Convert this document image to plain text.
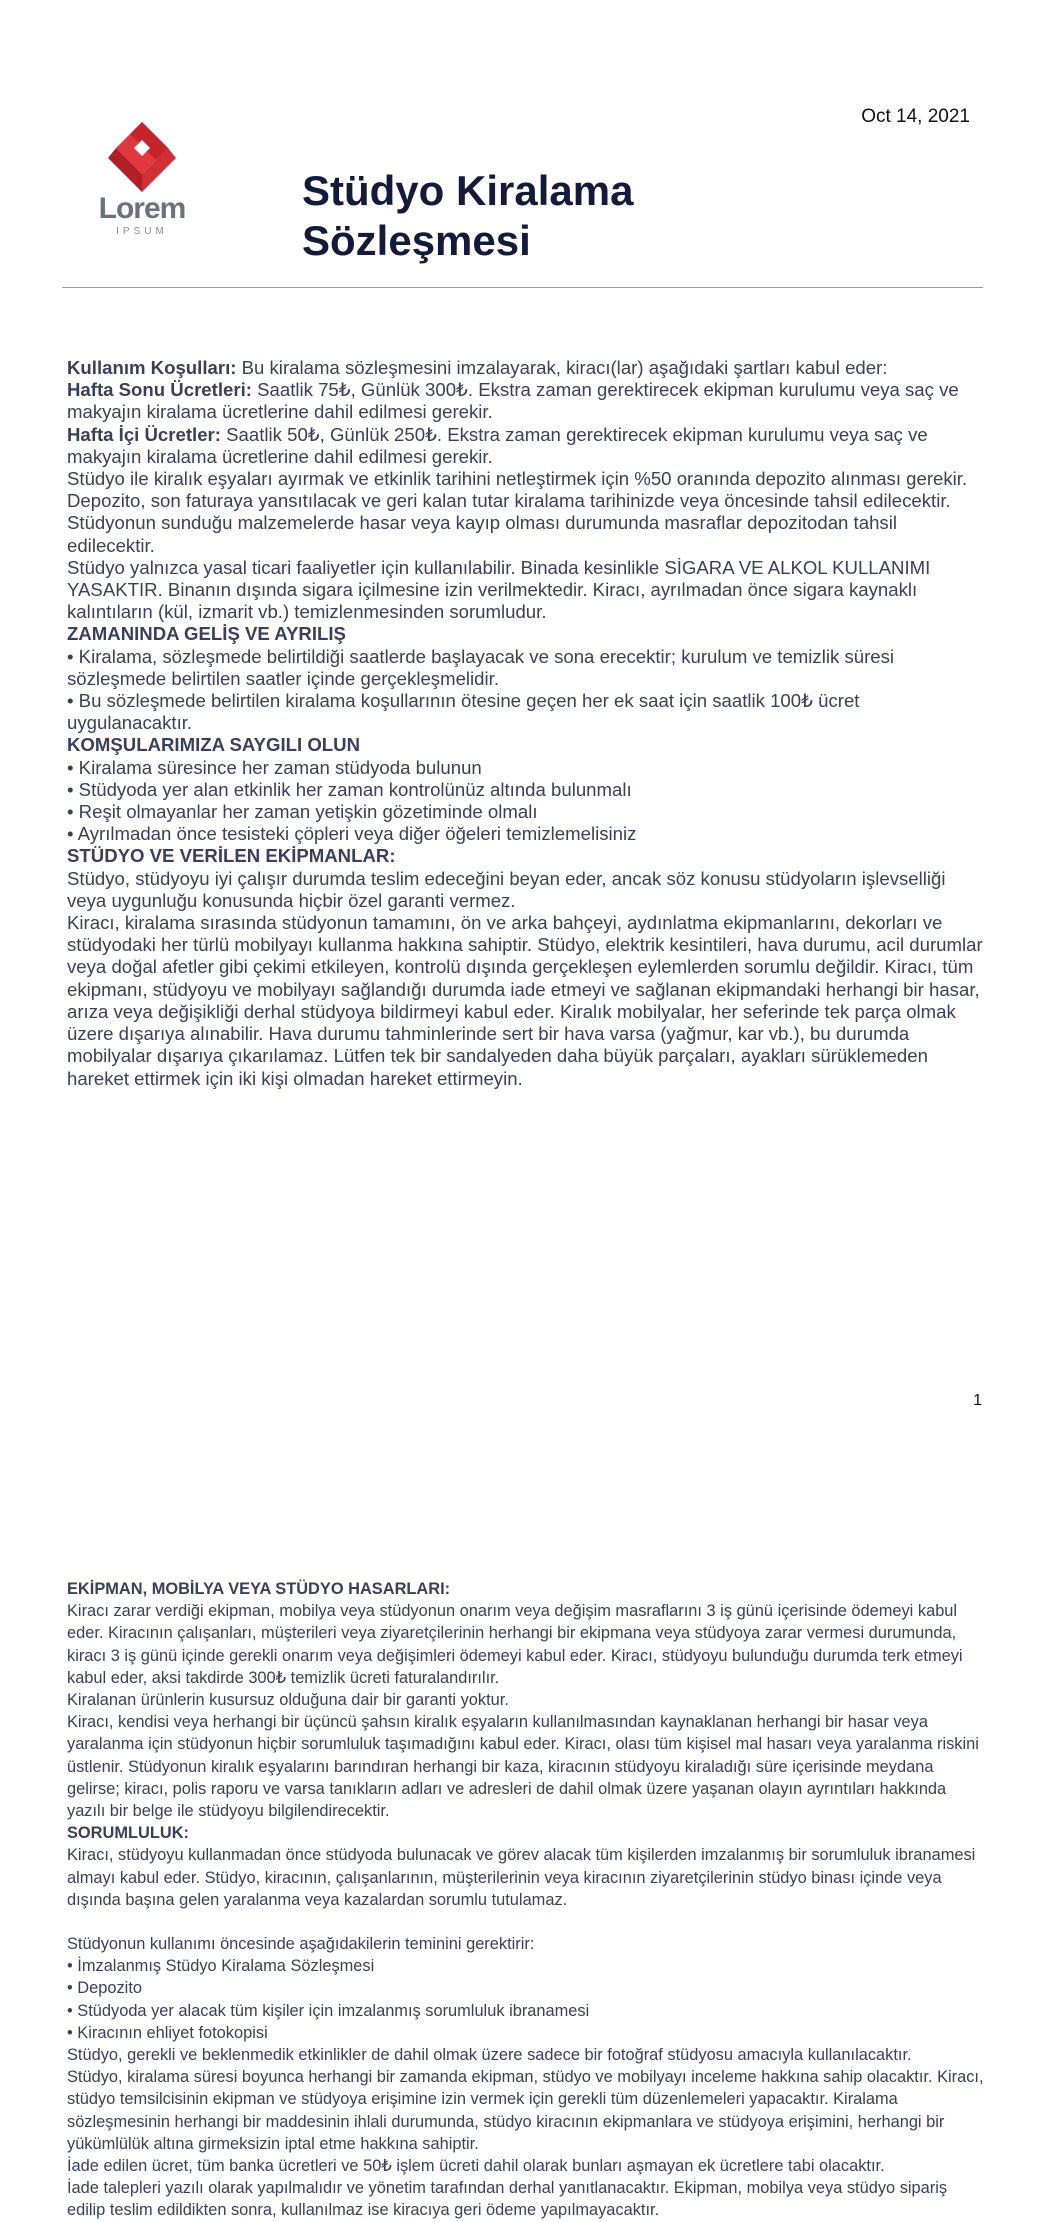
Oct 14, 2021
Lorem
IPSUM
Stüdyo Kiralama Sözleşmesi

Kullanım Koşulları: Bu kiralama sözleşmesini imzalayarak, kiracı(lar) aşağıdaki şartları kabul eder:

Hafta Sonu Ücretleri: Saatlik 75₺, Günlük 300₺. Ekstra zaman gerektirecek ekipman kurulumu veya saç ve makyajın kiralama ücretlerine dahil edilmesi gerekir.

Hafta İçi Ücretler: Saatlik 50₺, Günlük 250₺. Ekstra zaman gerektirecek ekipman kurulumu veya saç ve makyajın kiralama ücretlerine dahil edilmesi gerekir.

Stüdyo ile kiralık eşyaları ayırmak ve etkinlik tarihini netleştirmek için %50 oranında depozito alınması gerekir. Depozito, son faturaya yansıtılacak ve geri kalan tutar kiralama tarihinizde veya öncesinde tahsil edilecektir. Stüdyonun sunduğu malzemelerde hasar veya kayıp olması durumunda masraflar depozitodan tahsil edilecektir.

Stüdyo yalnızca yasal ticari faaliyetler için kullanılabilir. Binada kesinlikle SİGARA VE ALKOL KULLANIMI YASAKTIR. Binanın dışında sigara içilmesine izin verilmektedir. Kiracı, ayrılmadan önce sigara kaynaklı kalıntıların (kül, izmarit vb.) temizlenmesinden sorumludur.

ZAMANINDA GELİŞ VE AYRILIŞ

• Kiralama, sözleşmede belirtildiği saatlerde başlayacak ve sona erecektir; kurulum ve temizlik süresi sözleşmede belirtilen saatler içinde gerçekleşmelidir.

• Bu sözleşmede belirtilen kiralama koşullarının ötesine geçen her ek saat için saatlik 100₺ ücret uygulanacaktır.

KOMŞULARIMIZA SAYGILI OLUN

• Kiralama süresince her zaman stüdyoda bulunun

• Stüdyoda yer alan etkinlik her zaman kontrolünüz altında bulunmalı

• Reşit olmayanlar her zaman yetişkin gözetiminde olmalı

• Ayrılmadan önce tesisteki çöpleri veya diğer öğeleri temizlemelisiniz

STÜDYO VE VERİLEN EKİPMANLAR:

Stüdyo, stüdyoyu iyi çalışır durumda teslim edeceğini beyan eder, ancak söz konusu stüdyoların işlevselliği veya uygunluğu konusunda hiçbir özel garanti vermez.

Kiracı, kiralama sırasında stüdyonun tamamını, ön ve arka bahçeyi, aydınlatma ekipmanlarını, dekorları ve stüdyodaki her türlü mobilyayı kullanma hakkına sahiptir. Stüdyo, elektrik kesintileri, hava durumu, acil durumlar veya doğal afetler gibi çekimi etkileyen, kontrolü dışında gerçekleşen eylemlerden sorumlu değildir. Kiracı, tüm ekipmanı, stüdyoyu ve mobilyayı sağlandığı durumda iade etmeyi ve sağlanan ekipmandaki herhangi bir hasar, arıza veya değişikliği derhal stüdyoya bildirmeyi kabul eder. Kiralık mobilyalar, her seferinde tek parça olmak üzere dışarıya alınabilir. Hava durumu tahminlerinde sert bir hava varsa (yağmur, kar vb.), bu durumda mobilyalar dışarıya çıkarılamaz. Lütfen tek bir sandalyeden daha büyük parçaları, ayakları sürüklemeden hareket ettirmek için iki kişi olmadan hareket ettirmeyin.

1

EKİPMAN, MOBİLYA VEYA STÜDYO HASARLARI:

Kiracı zarar verdiği ekipman, mobilya veya stüdyonun onarım veya değişim masraflarını 3 iş günü içerisinde ödemeyi kabul eder. Kiracının çalışanları, müşterileri veya ziyaretçilerinin herhangi bir ekipmana veya stüdyoya zarar vermesi durumunda, kiracı 3 iş günü içinde gerekli onarım veya değişimleri ödemeyi kabul eder. Kiracı, stüdyoyu bulunduğu durumda terk etmeyi kabul eder, aksi takdirde 300₺ temizlik ücreti faturalandırılır.

Kiralanan ürünlerin kusursuz olduğuna dair bir garanti yoktur.

Kiracı, kendisi veya herhangi bir üçüncü şahsın kiralık eşyaların kullanılmasından kaynaklanan herhangi bir hasar veya yaralanma için stüdyonun hiçbir sorumluluk taşımadığını kabul eder. Kiracı, olası tüm kişisel mal hasarı veya yaralanma riskini üstlenir. Stüdyonun kiralık eşyalarını barındıran herhangi bir kaza, kiracının stüdyoyu kiraladığı süre içerisinde meydana gelirse; kiracı, polis raporu ve varsa tanıkların adları ve adresleri de dahil olmak üzere yaşanan olayın ayrıntıları hakkında yazılı bir belge ile stüdyoyu bilgilendirecektir.

SORUMLULUK:

Kiracı, stüdyoyu kullanmadan önce stüdyoda bulunacak ve görev alacak tüm kişilerden imzalanmış bir sorumluluk ibranamesi almayı kabul eder. Stüdyo, kiracının, çalışanlarının, müşterilerinin veya kiracının ziyaretçilerinin stüdyo binası içinde veya dışında başına gelen yaralanma veya kazalardan sorumlu tutulamaz.

Stüdyonun kullanımı öncesinde aşağıdakilerin teminini gerektirir:

• İmzalanmış Stüdyo Kiralama Sözleşmesi

• Depozito

• Stüdyoda yer alacak tüm kişiler için imzalanmış sorumluluk ibranamesi

• Kiracının ehliyet fotokopisi

Stüdyo, gerekli ve beklenmedik etkinlikler de dahil olmak üzere sadece bir fotoğraf stüdyosu amacıyla kullanılacaktır.

Stüdyo, kiralama süresi boyunca herhangi bir zamanda ekipman, stüdyo ve mobilyayı inceleme hakkına sahip olacaktır. Kiracı, stüdyo temsilcisinin ekipman ve stüdyoya erişimine izin vermek için gerekli tüm düzenlemeleri yapacaktır. Kiralama sözleşmesinin herhangi bir maddesinin ihlali durumunda, stüdyo kiracının ekipmanlara ve stüdyoya erişimini, herhangi bir yükümlülük altına girmeksizin iptal etme hakkına sahiptir.

İade edilen ücret, tüm banka ücretleri ve 50₺ işlem ücreti dahil olarak bunları aşmayan ek ücretlere tabi olacaktır.

İade talepleri yazılı olarak yapılmalıdır ve yönetim tarafından derhal yanıtlanacaktır. Ekipman, mobilya veya stüdyo sipariş edilip teslim edildikten sonra, kullanılmaz ise kiracıya geri ödeme yapılmayacaktır.
